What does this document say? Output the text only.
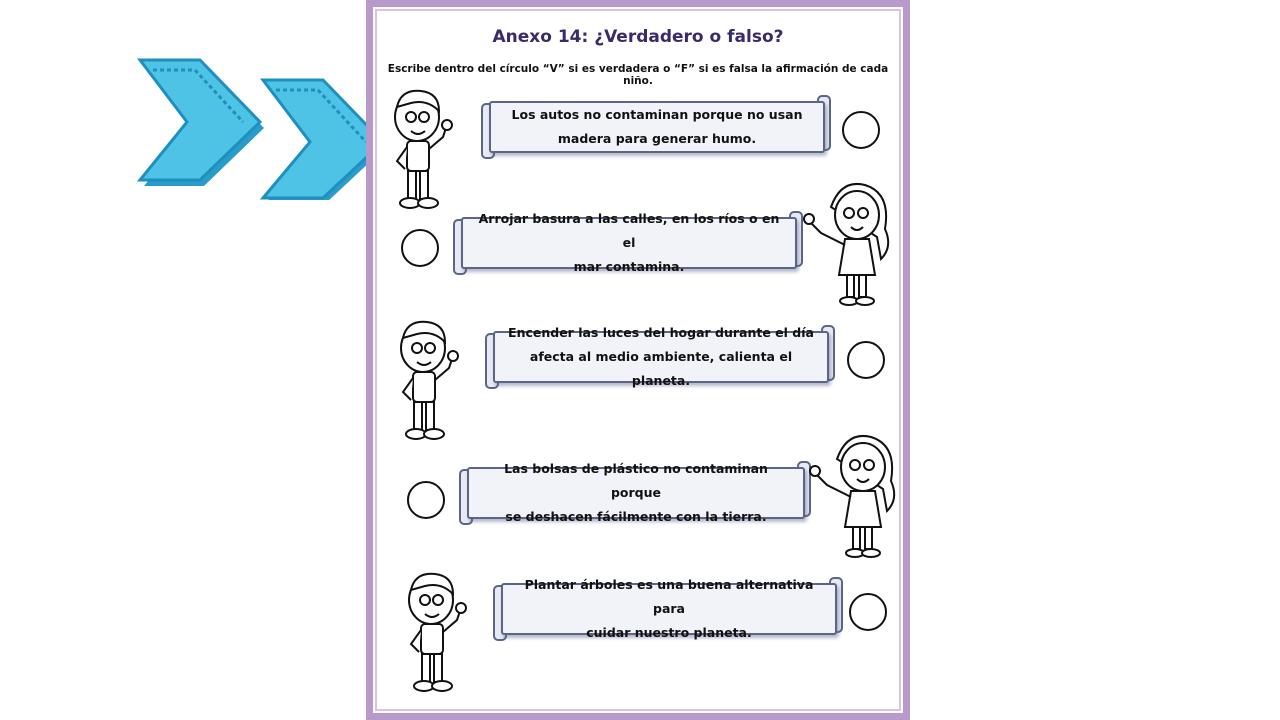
Anexo 14: ¿Verdadero o falso?
Escribe dentro del círculo “V” si es verdadera o “F” si es falsa la afirmación de cada niño.
Los autos no contaminan porque no usan
madera para generar humo.
Arrojar basura a las calles, en los ríos o en el
mar contamina.
Encender las luces del hogar durante el día
afecta al medio ambiente, calienta el planeta.
Las bolsas de plástico no contaminan porque
se deshacen fácilmente con la tierra.
Plantar árboles es una buena alternativa para
cuidar nuestro planeta.
